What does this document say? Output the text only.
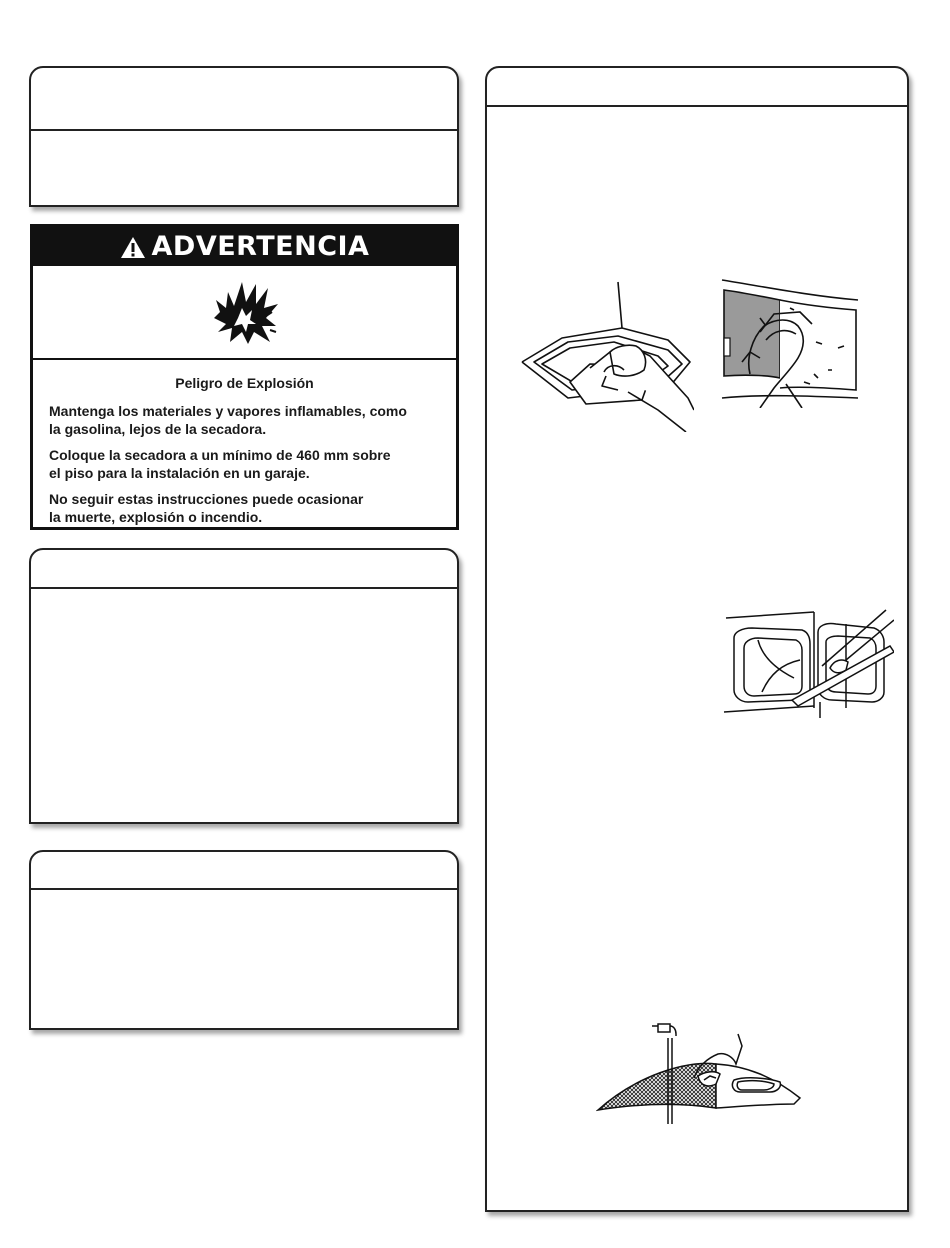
ADVERTENCIA
Peligro de Explosión

Mantenga los materiales y vapores inflamables, como
la gasolina, lejos de la secadora.

Coloque la secadora a un mínimo de 460 mm sobre
el piso para la instalación en un garaje.

No seguir estas instrucciones puede ocasionar
la muerte, explosión o incendio.
